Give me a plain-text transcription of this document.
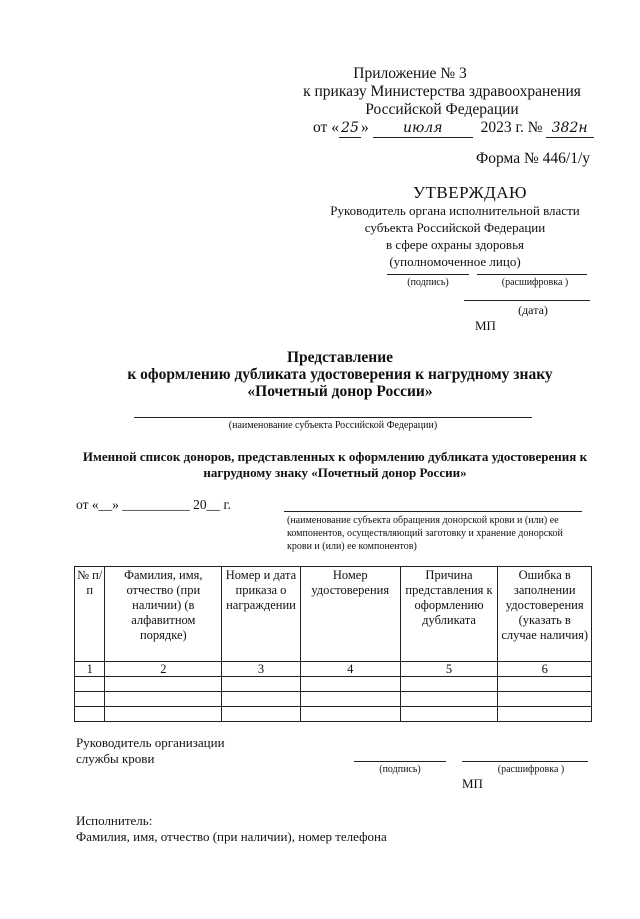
Приложение № 3
к приказу Министерства здравоохранения
Российской Федерации
от « 25 » июля 2023 г. № 382н
Форма № 446/1/у
УТВЕРЖДАЮ
Руководитель органа исполнительной власти
субъекта Российской Федерации
в сфере охраны здоровья
(уполномоченное лицо)
(подпись)	(расшифровка )
(дата)
МП
Представление
к оформлению дубликата удостоверения к нагрудному знаку
«Почетный донор России»
(наименование субъекта Российской Федерации)
Именной список доноров, представленных к оформлению дубликата удостоверения к
нагрудному знаку «Почетный донор России»
от «__» __________ 20__ г.
(наименование субъекта обращения донорской крови и (или) ее
компонентов, осуществляющий заготовку и хранение донорской
крови и (или) ее компонентов)
№ п/п	Фамилия, имя, отчество (при наличии) (в алфавитном порядке)	Номер и дата приказа о награждении	Номер удостоверения	Причина представления к оформлению дубликата	Ошибка в заполнении удостоверения (указать в случае наличия)
1	2	3	4	5	6

Руководитель организации
службы крови
(подпись)	(расшифровка )
МП
Исполнитель:
Фамилия, имя, отчество (при наличии), номер телефона
